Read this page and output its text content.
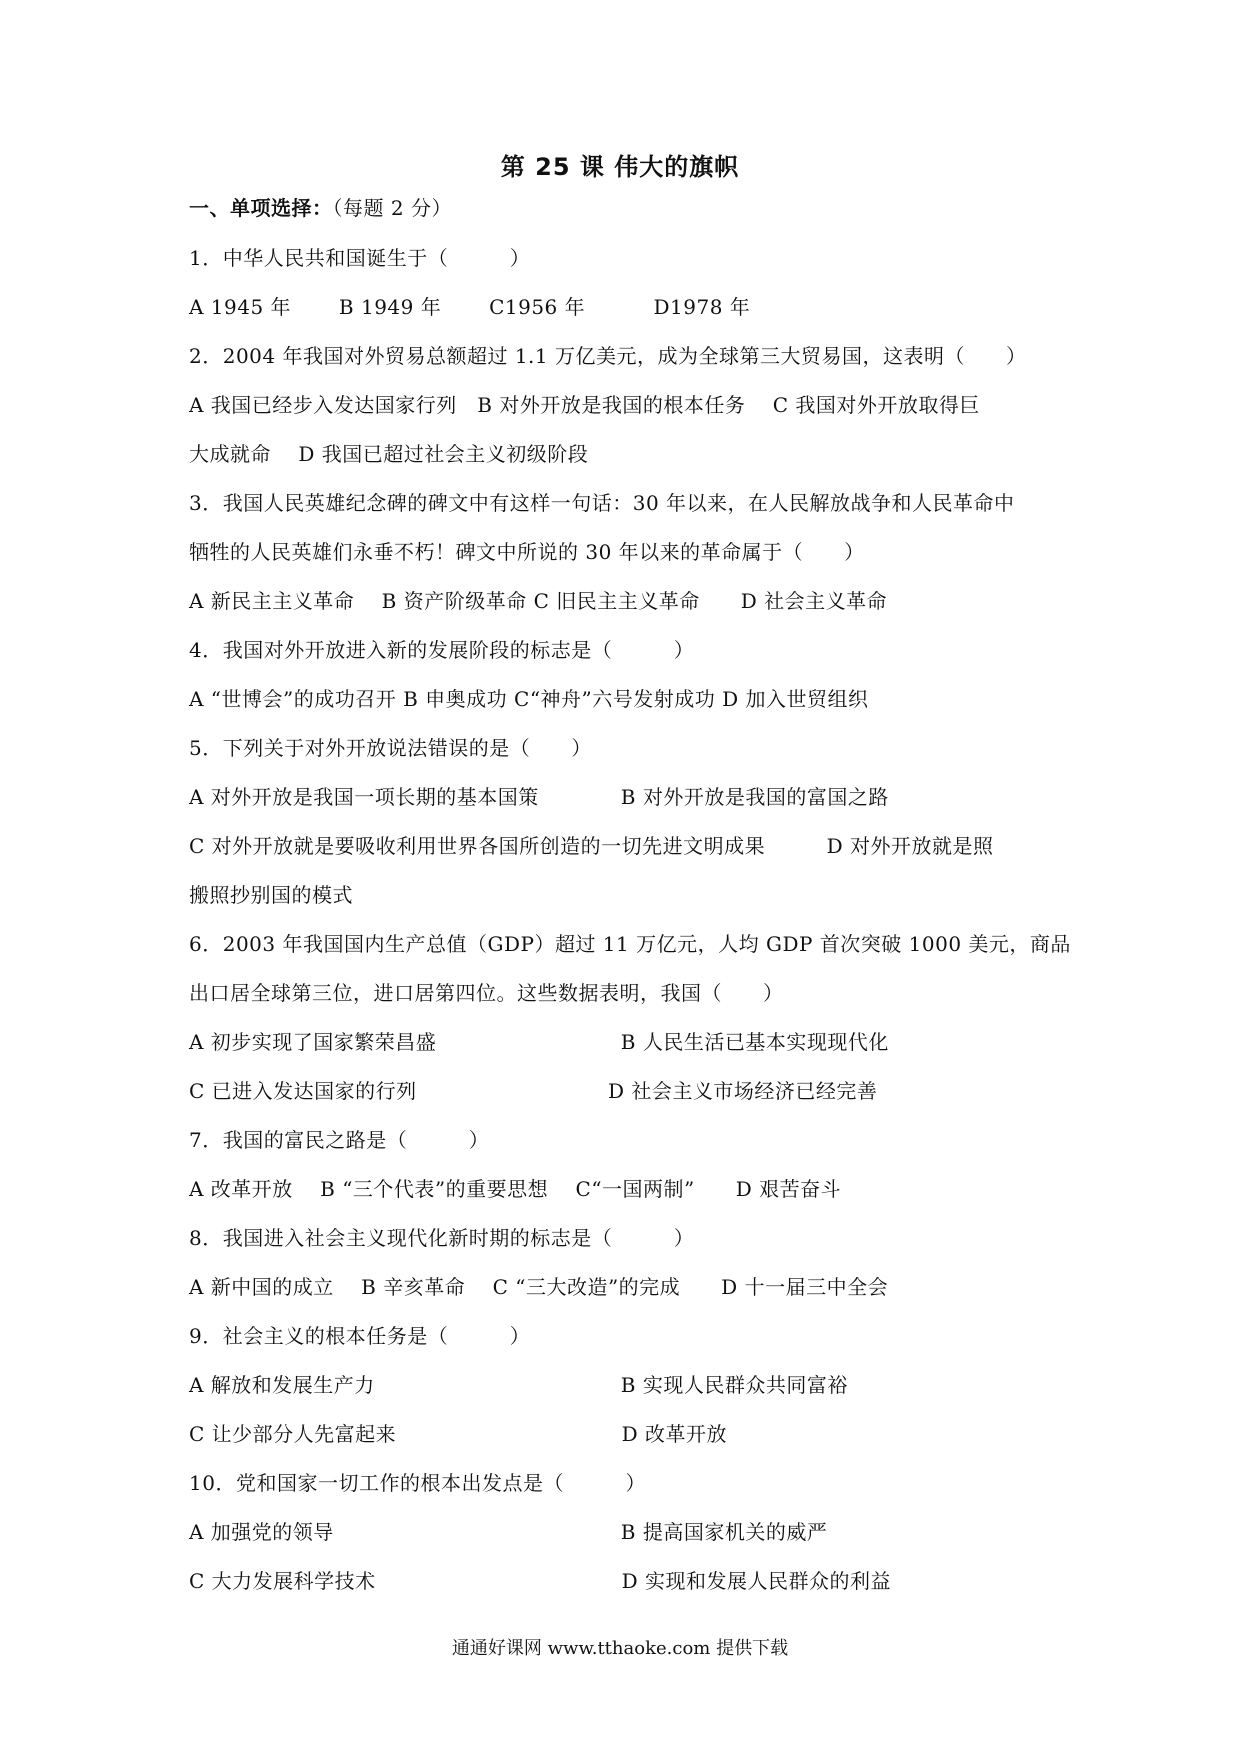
第 25 课 伟大的旗帜
一、单项选择：（每题 2 分）
1．中华人民共和国诞生于（　　　）
A 1945 年　　 B 1949 年　　 C1956 年　　　 D1978 年
2．2004 年我国对外贸易总额超过 1.1 万亿美元，成为全球第三大贸易国，这表明（　　）
A 我国已经步入发达国家行列　B 对外开放是我国的根本任务　 C 我国对外开放取得巨
大成就命　 D 我国已超过社会主义初级阶段
3．我国人民英雄纪念碑的碑文中有这样一句话：30 年以来，在人民解放战争和人民革命中
牺牲的人民英雄们永垂不朽！碑文中所说的 30 年以来的革命属于（　　）
A 新民主主义革命　 B 资产阶级革命 C 旧民主主义革命　　D 社会主义革命
4．我国对外开放进入新的发展阶段的标志是（　　　）
A “世博会”的成功召开 B 申奥成功 C“神舟”六号发射成功 D 加入世贸组织
5．下列关于对外开放说法错误的是（　　）
A 对外开放是我国一项长期的基本国策　　　　B 对外开放是我国的富国之路
C 对外开放就是要吸收利用世界各国所创造的一切先进文明成果　　　D 对外开放就是照
搬照抄别国的模式
6．2003 年我国国内生产总值（GDP）超过 11 万亿元，人均 GDP 首次突破 1000 美元，商品
出口居全球第三位，进口居第四位。这些数据表明，我国（　　）
A 初步实现了国家繁荣昌盛　　　　　　　　　B 人民生活已基本实现现代化
C 已进入发达国家的行列　　　　　　　　　 D 社会主义市场经济已经完善
7．我国的富民之路是（　　　）
A 改革开放　 B “三个代表”的重要思想　 C“一国两制”　　D 艰苦奋斗
8．我国进入社会主义现代化新时期的标志是（　　　）
A 新中国的成立　 B 辛亥革命　 C “三大改造”的完成　　D 十一届三中全会
9．社会主义的根本任务是（　　　）
A 解放和发展生产力　　　　　　　　　　　　B 实现人民群众共同富裕
C 让少部分人先富起来　　　　　　　　　　　D 改革开放
10．党和国家一切工作的根本出发点是（　　　）
A 加强党的领导　　　　　　　　　　　　　　B 提高国家机关的威严
C 大力发展科学技术　　　　　　　　　　　　D 实现和发展人民群众的利益
通通好课网 www.tthaoke.com 提供下载
